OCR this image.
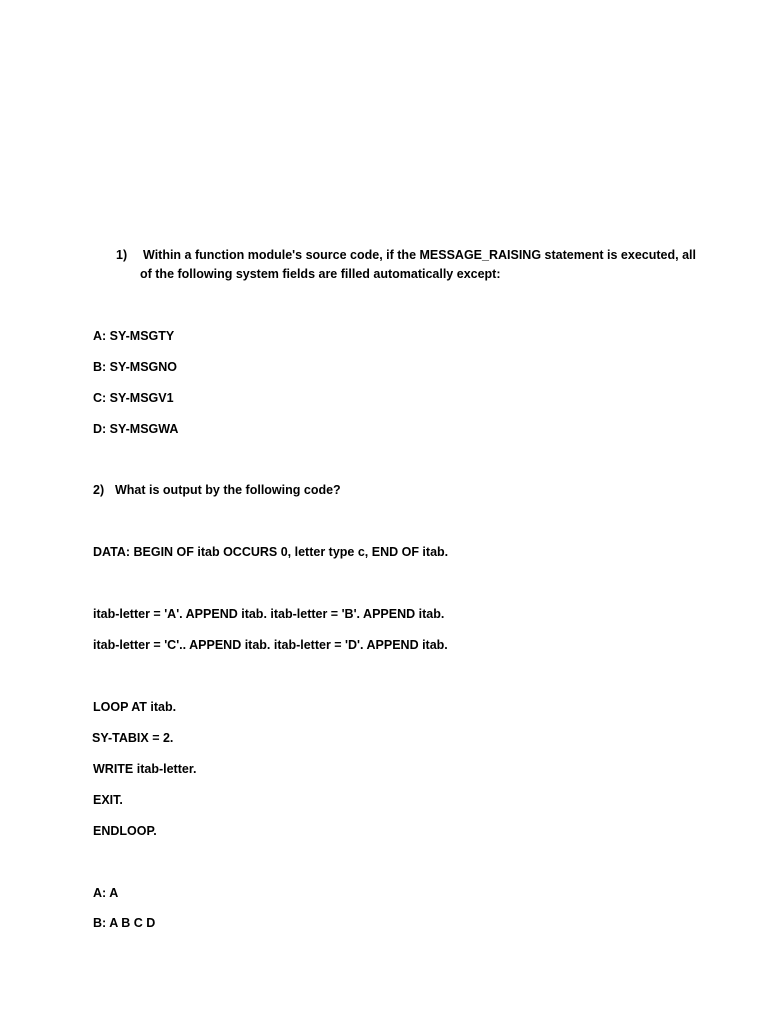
1) Within a function module's source code, if the MESSAGE_RAISING statement is executed, all
of the following system fields are filled automatically except:
A: SY-MSGTY
B: SY-MSGNO
C: SY-MSGV1
D: SY-MSGWA
2) What is output by the following code?
DATA: BEGIN OF itab OCCURS 0, letter type c, END OF itab.
itab-letter = 'A'. APPEND itab. itab-letter = 'B'. APPEND itab.
itab-letter = 'C'.. APPEND itab. itab-letter = 'D'. APPEND itab.
LOOP AT itab.
SY-TABIX = 2.
WRITE itab-letter.
EXIT.
ENDLOOP.
A: A
B: A B C D
